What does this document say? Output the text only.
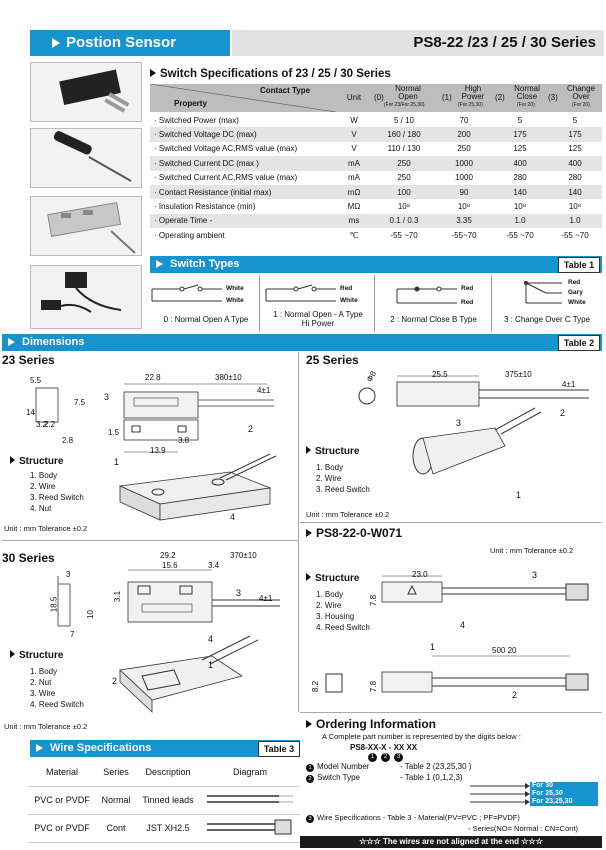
Postion Sensor	PS8-22 /23 / 25 / 30 Series
Switch Specifications of 23 / 25 / 30 Series
Contact Type
Property
Unit	(0)
Normal Open
(For 23/For 25,30)
(1)
High Power
(For 25,30)
(2)
Normal Close
(For 20)
(3)
Change Over
(For 20)
· Switched Power (max)	W	5 / 10	70	5	5
· Switched Voltage DC (max)	V	160 / 180	200	175	175
· Switched Voltage AC,RMS value (max)	V	110 / 130	250	125	125
· Switched Current DC (max )	mA	250	1000	400	400
· Switched Current AC,RMS value (max)	mA	250	1000	280	280
· Contact Resistance (initial max)	mΩ	100	90	140	140
· Insulation Resistance (min)	MΩ	10⁸	10⁸	10⁸	10⁸
· Operate Time -	ms	0.1 / 0.3	3.35	1.0	1.0
· Operating ambient	℃	-55 ~70	-55~70	-55 ~70	-55 ~70
Switch Types	Table 1
White
White
0 : Normal Open A Type
Red
White
1 : Normal Open - A Type
Hi Power
Red
Red
2 : Normal Close B Type
Red
Gary
White
3 : Change Over C Type
Dimensions	Table 2
23 Series
5.5	22.8	380±10
4±1
14
7.5
3.2
2.2
2.8
1.5
13.9
3.8
3
2
1
4
Structure
1. Body
2. Wire
3. Reed Switch
4. Nut
Unit : mm Tolerance ±0.2
25 Series
Φ8	25.5	375±10
4±1
3
2
1
Structure
1. Body
2. Wire
3. Reed Switch
Unit : mm Tolerance ±0.2
PS8-22-0-W071
Unit : mm Tolerance ±0.2
23.0
7.8
500 20
8.2	7.8
3
4
1
2
Structure
1. Body
2. Wire
3. Housing
4. Reed Switch
30 Series	29.2
15.6
370±10
3
3.4
18.5
10
7
4±1
3.1	3
4
2
1
Structure
1. Body
2. Nut
3. Wire
4. Reed Switch
Unit : mm Tolerance ±0.2	Ordering Information
A Complete part number is represented by the digits below :
PS8-XX-X - XX XX
1	2	3
1 Model Number	- Table 2 (23,25,30 )
2 Switch Type	- Table 1 (0,1,2,3)
For 30
For 25,30
For 23,25,30
3 Wire Specifications - Table 3 - Material(PV=PVC ; PF=PVDF)
- Series(NO= Normal : CN=Cont)
Wire Specifications	Table 3
Material	Series	Description	Diagram
PVC or PVDF	Normal	Tinned leads	
PVC or PVDF	Cont	JST XH2.5	
☆☆☆ The wires are not aligned at the end ☆☆☆
